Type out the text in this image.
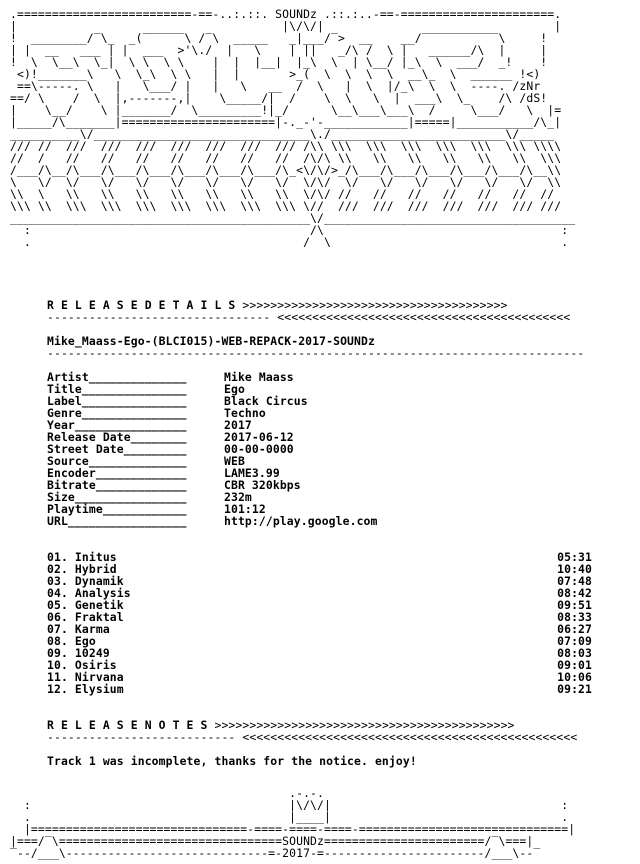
.=========================-==-..:.::. SOUNDz .::.:..-==-======================.
|                                      |\/\/|                                 |
!  ________/‾\_  _(‾‾‾‾‾‾\ /‾\  _____   _|___/‾>  __    __/‾‾‾‾‾‾‾‾‾‾‾\     !
| |  __   ___ | |  ___  >'\./  |   \    | ||   _/\ /  \ |   ______/\  |     |
!  \  \__\  \_|  \ \  \ \    |  |  |__|  |_\  \  | \__/ |_\  \  ___/  _!    !
<)!_______\   \  \_\  \ \   |  |       >_(  \  \  \  \  __\_  \  ______ !<)
==\-----. \   |   \___/ |   |   \   __  /  \   |  \  |/_\  \  \  ----. /zNr
==/ \    /  \  |,-------,|    \_____/|  /    \  \   \  |  ___\  \_    /\ /dS!
|    \__/    \ |_______/  \_________!|_/      \__\___\___\  /     \___/   \  |=
|_____/\_______|======================|-._-'-____________|=====|___________/\_|
__________\/_______________________________\./_________________________\/_____
/// //  ///  ///  ///  ///  ///  ///  /// /\\ \\\  \\\  \\\  \\\  \\\  \\\ \\\\
//  /   //   //   //   //   //   //   //  /\/\ \\   \\   \\   \\   \\   \\  \\\
/___/\__/\___/\___/\___/\___/\___/\___/\_<\/\/>_/\___/\___/\___/\___/\___/\__\\
\   \/  \/   \/   \/   \/   \/   \/   \/  \/\/  \/   \/   \/   \/   \/   \/  \\
\\  \   \\   \\   \\   \\   \\   \\   \\  \/\/ //   //   //   //   //   //  //
\\\ \\  \\\  \\\  \\\  \\\  \\\  \\\  \\\ \//  ///  ///  ///  ///  ///  /// ///
___________________________________________\/____________________________________
:                                        /\                                  :
.                                       /  \                                 .
R E L E A S E D E T A I L S >>>>>>>>>>>>>>>>>>>>>>>>>>>>>>>>>>>>>>
-------------------------------- <<<<<<<<<<<<<<<<<<<<<<<<<<<<<<<<<<<<<<<<<<
Mike_Maass-Ego-(BLCI015)-WEB-REPACK-2017-SOUNDz
-----------------------------------------------------------------------------
Artist______________	Mike Maass
Title_______________	Ego
Label_______________	Black Circus
Genre_______________	Techno
Year________________	2017
Release Date________	2017-06-12
Street Date_________	00-00-0000
Source______________	WEB
Encoder_____________	LAME3.99
Bitrate_____________	CBR 320kbps
Size________________	232m
Playtime____________	101:12
URL_________________	http://play.google.com
01. Initus	05:31
02. Hybrid	10:40
03. Dynamik	07:48
04. Analysis	08:42
05. Genetik	09:51
06. Fraktal	08:33
07. Karma	06:27
08. Ego	07:09
09. 10249	08:03
10. Osiris	09:01
11. Nirvana	10:06
12. Elysium	09:21
R E L E A S E N O T E S >>>>>>>>>>>>>>>>>>>>>>>>>>>>>>>>>>>>>>>>>>>
--------------------------- <<<<<<<<<<<<<<<<<<<<<<<<<<<<<<<<<<<<<<<<<<<<<<<<
Track 1 was incomplete, thanks for the notice. enjoy!
.-.-.
:                                     |\/\/|                                 :
.                                     |____|                                 .
|===============================-====-====-====-==============================|
|===/‾\================================SOUNDz=======================/‾\===|
‾--/___\-----------------------------=-2017-=-----------------------/___\--‾
